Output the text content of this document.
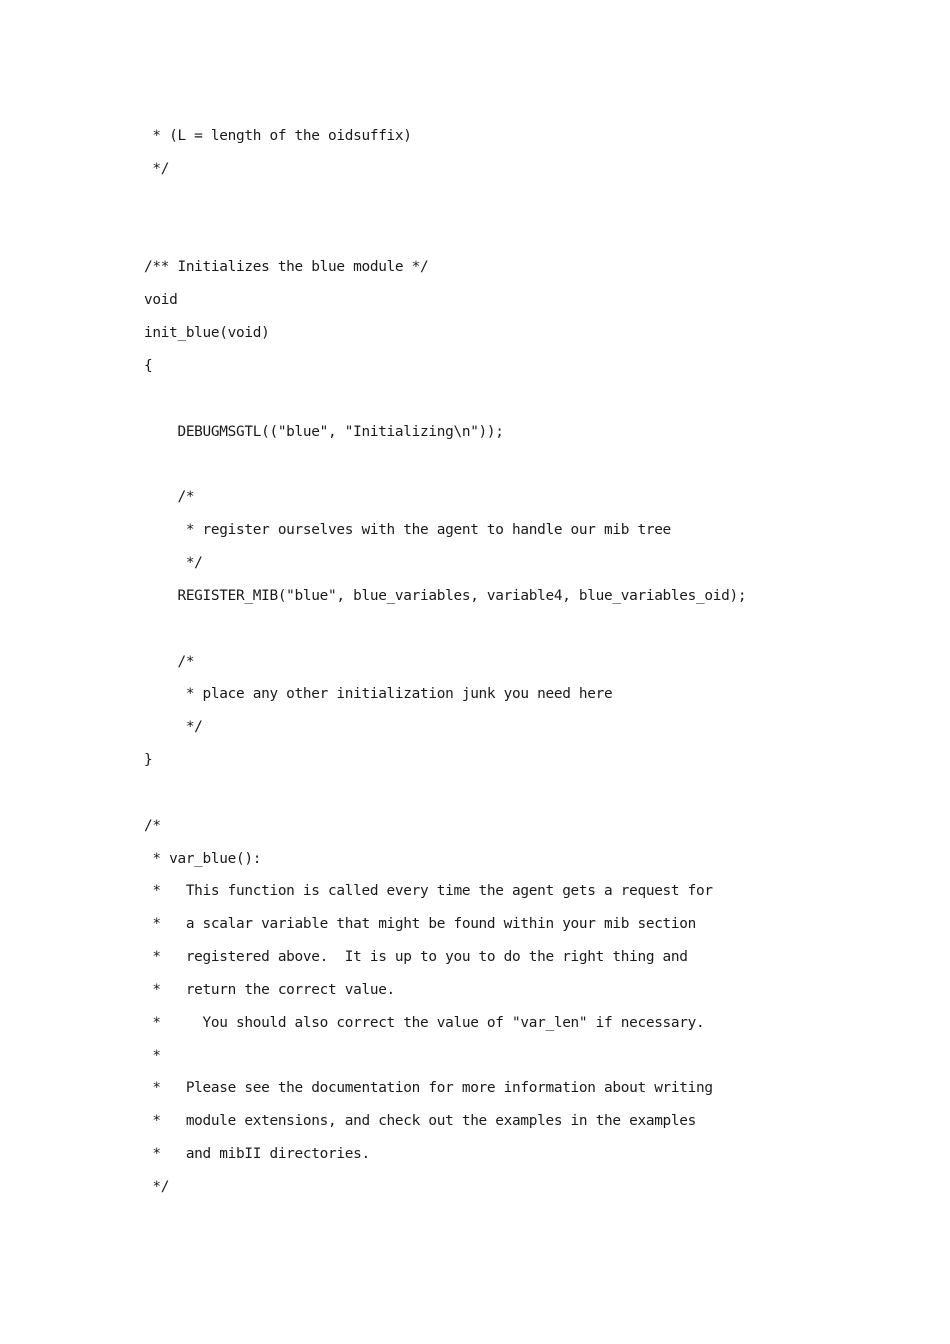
* (L = length of the oidsuffix)
*/
/** Initializes the blue module */
void
init_blue(void)
{
DEBUGMSGTL(("blue", "Initializing\n"));
/*
* register ourselves with the agent to handle our mib tree
*/
REGISTER_MIB("blue", blue_variables, variable4, blue_variables_oid);
/*
* place any other initialization junk you need here
*/
}
/*
* var_blue():
*   This function is called every time the agent gets a request for
*   a scalar variable that might be found within your mib section
*   registered above.  It is up to you to do the right thing and
*   return the correct value.
*     You should also correct the value of "var_len" if necessary.
*
*   Please see the documentation for more information about writing
*   module extensions, and check out the examples in the examples
*   and mibII directories.
*/
